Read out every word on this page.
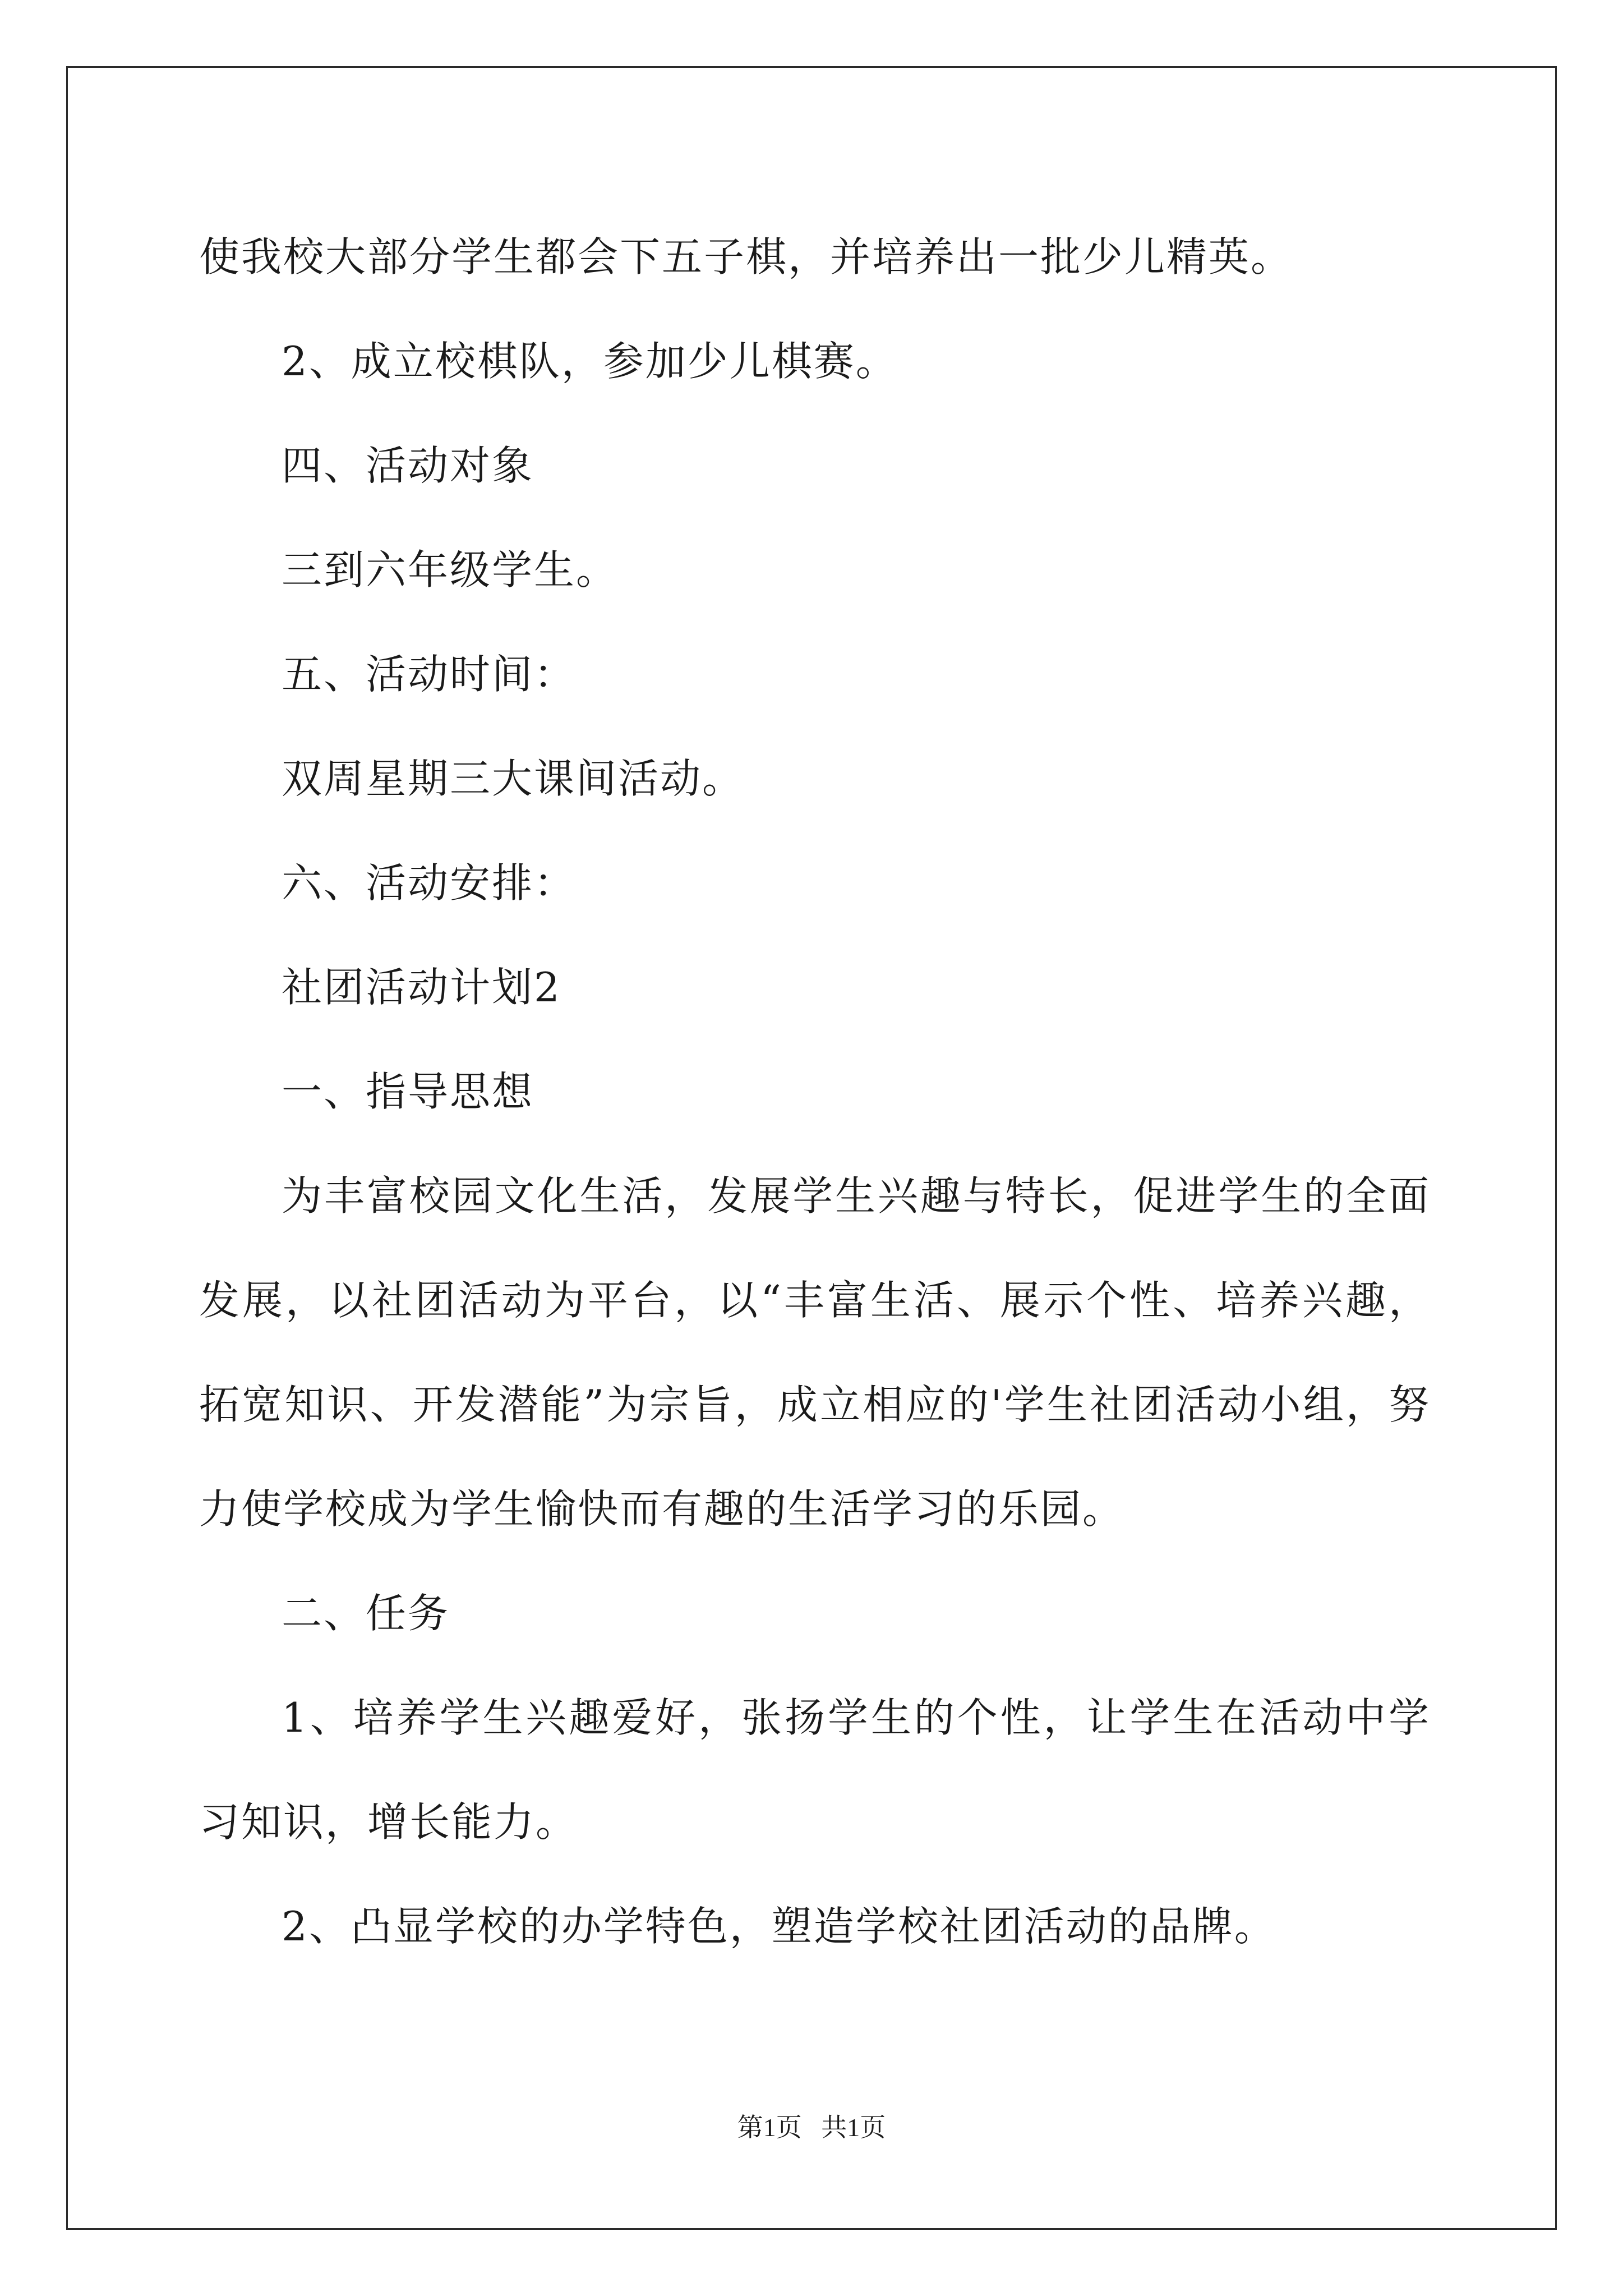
使我校大部分学生都会下五子棋，并培养出一批少儿精英。

2、成立校棋队，参加少儿棋赛。

四、活动对象

三到六年级学生。

五、活动时间：

双周星期三大课间活动。

六、活动安排：

社团活动计划2

一、指导思想

为丰富校园文化生活，发展学生兴趣与特长，促进学生的全面发展，以社团活动为平台，以“丰富生活、展示个性、培养兴趣，拓宽知识、开发潜能”为宗旨，成立相应的'学生社团活动小组，努力使学校成为学生愉快而有趣的生活学习的乐园。

二、任务

1、培养学生兴趣爱好，张扬学生的个性，让学生在活动中学习知识，增长能力。

2、凸显学校的办学特色，塑造学校社团活动的品牌。

第1页   共1页
